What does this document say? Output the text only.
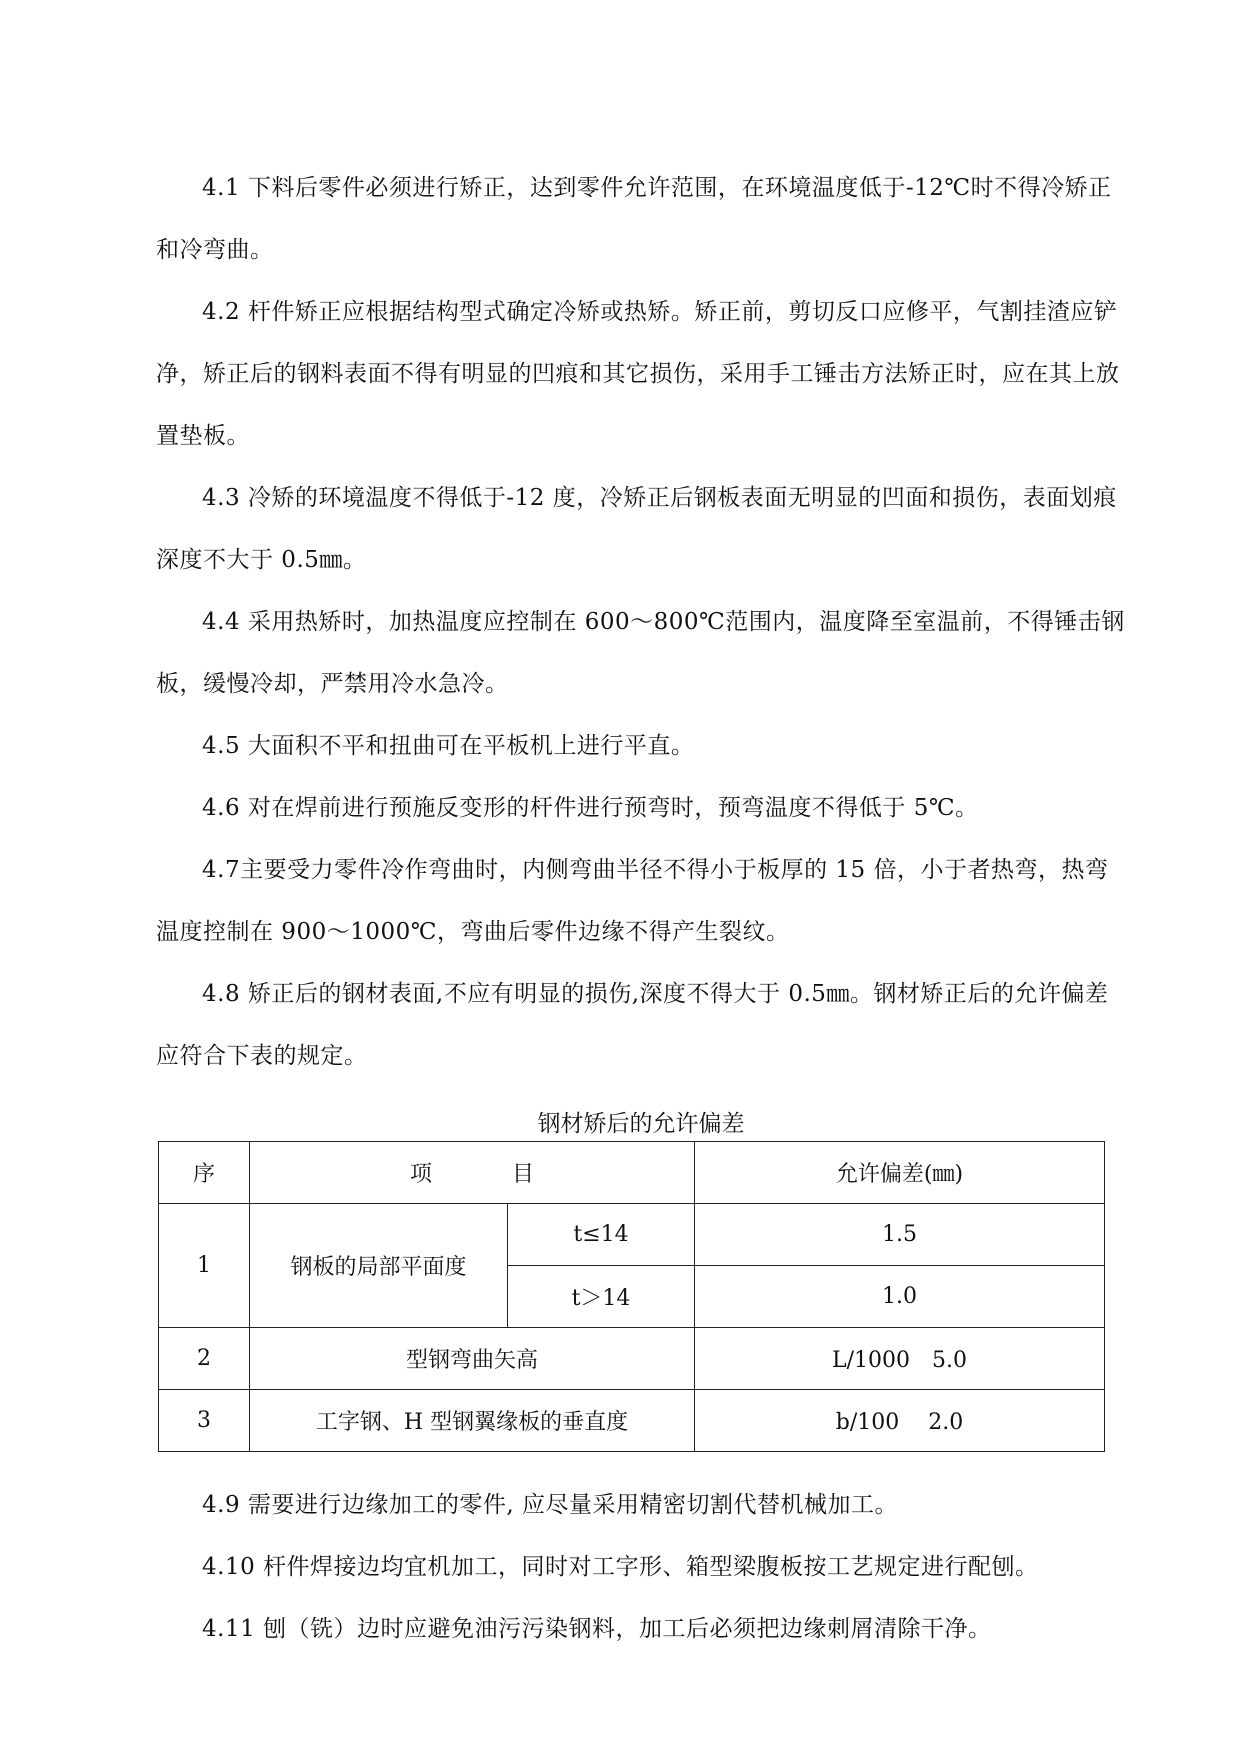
4.1 下料后零件必须进行矫正，达到零件允许范围，在环境温度低于-12℃时不得冷矫正和冷弯曲。

4.2 杆件矫正应根据结构型式确定冷矫或热矫。矫正前，剪切反口应修平，气割挂渣应铲净，矫正后的钢料表面不得有明显的凹痕和其它损伤，采用手工锤击方法矫正时，应在其上放置垫板。

4.3 冷矫的环境温度不得低于-12 度，冷矫正后钢板表面无明显的凹面和损伤，表面划痕深度不大于 0.5㎜。

4.4 采用热矫时，加热温度应控制在 600～800℃范围内，温度降至室温前，不得锤击钢板，缓慢冷却，严禁用冷水急冷。

4.5 大面积不平和扭曲可在平板机上进行平直。

4.6 对在焊前进行预施反变形的杆件进行预弯时，预弯温度不得低于 5℃。

4.7主要受力零件冷作弯曲时，内侧弯曲半径不得小于板厚的 15 倍，小于者热弯，热弯温度控制在 900～1000℃，弯曲后零件边缘不得产生裂纹。

4.8 矫正后的钢材表面,不应有明显的损伤,深度不得大于 0.5㎜。钢材矫正后的允许偏差应符合下表的规定。

钢材矫后的允许偏差

序	项 目		允许偏差(㎜)
1	钢板的局部平面度	t≤14	1.5
		t＞14	1.0
2	型钢弯曲矢高		L/1000　5.0
3	工字钢、H 型钢翼缘板的垂直度		b/100　 2.0

4.9 需要进行边缘加工的零件, 应尽量采用精密切割代替机械加工。

4.10 杆件焊接边均宜机加工，同时对工字形、箱型梁腹板按工艺规定进行配刨。

4.11 刨（铣）边时应避免油污污染钢料，加工后必须把边缘刺屑清除干净。
